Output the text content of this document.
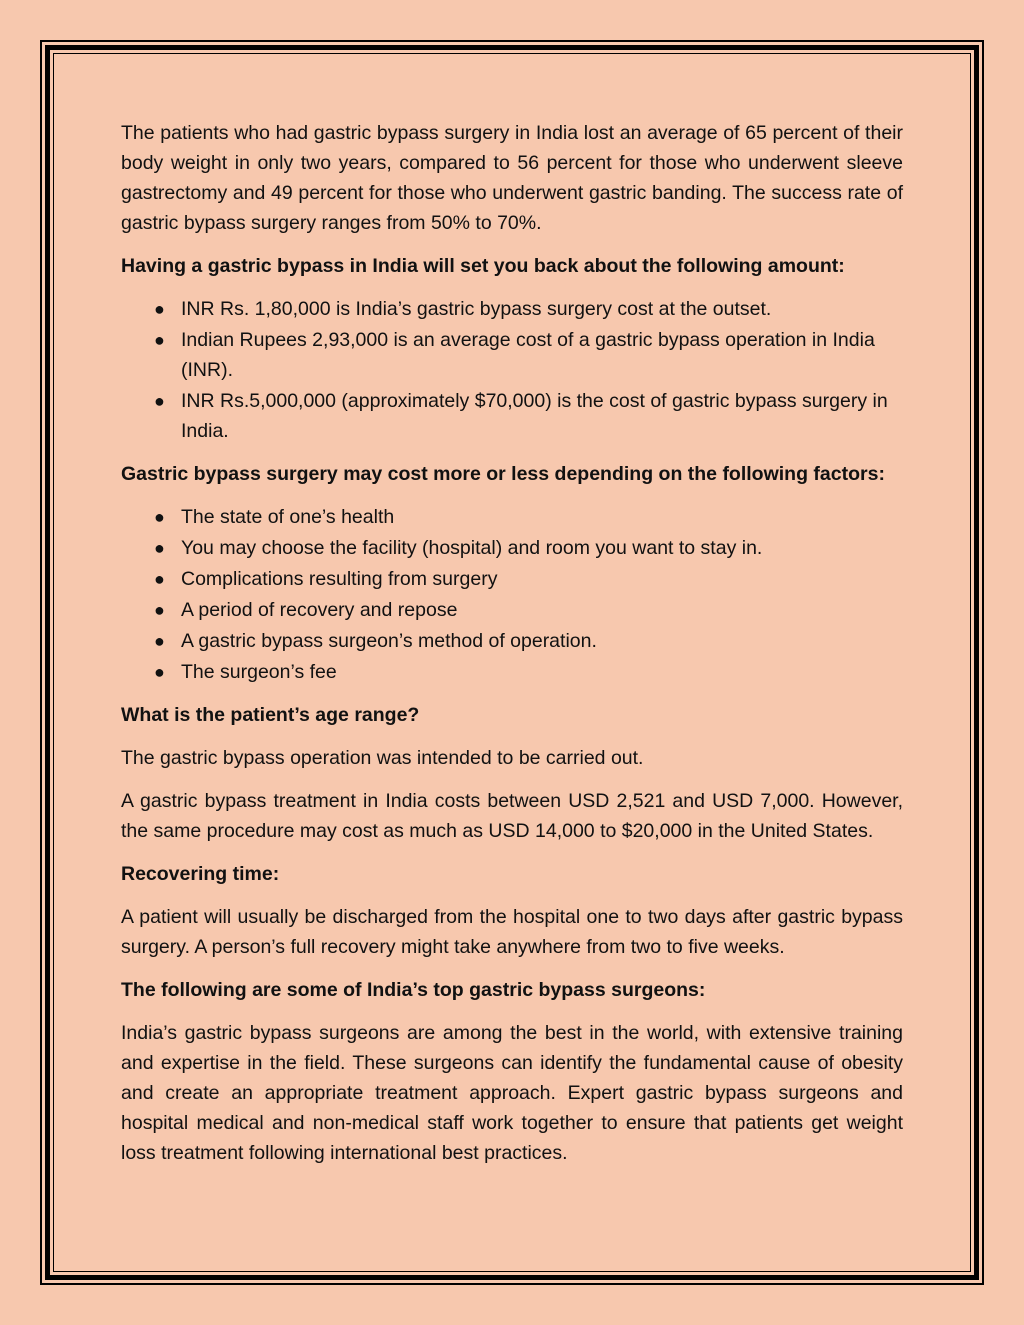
The patients who had gastric bypass surgery in India lost an average of 65 percent of their body weight in only two years, compared to 56 percent for those who underwent sleeve gastrectomy and 49 percent for those who underwent gastric banding. The success rate of gastric bypass surgery ranges from 50% to 70%.

Having a gastric bypass in India will set you back about the following amount:

● INR Rs. 1,80,000 is India’s gastric bypass surgery cost at the outset.
● Indian Rupees 2,93,000 is an average cost of a gastric bypass operation in India (INR).
● INR Rs.5,000,000 (approximately $70,000) is the cost of gastric bypass surgery in India.

Gastric bypass surgery may cost more or less depending on the following factors:

● The state of one’s health
● You may choose the facility (hospital) and room you want to stay in.
● Complications resulting from surgery
● A period of recovery and repose
● A gastric bypass surgeon’s method of operation.
● The surgeon’s fee

What is the patient’s age range?

The gastric bypass operation was intended to be carried out.

A gastric bypass treatment in India costs between USD 2,521 and USD 7,000. However, the same procedure may cost as much as USD 14,000 to $20,000 in the United States.

Recovering time:

A patient will usually be discharged from the hospital one to two days after gastric bypass surgery. A person’s full recovery might take anywhere from two to five weeks.

The following are some of India’s top gastric bypass surgeons:

India’s gastric bypass surgeons are among the best in the world, with extensive training and expertise in the field. These surgeons can identify the fundamental cause of obesity and create an appropriate treatment approach. Expert gastric bypass surgeons and hospital medical and non-medical staff work together to ensure that patients get weight loss treatment following international best practices.
